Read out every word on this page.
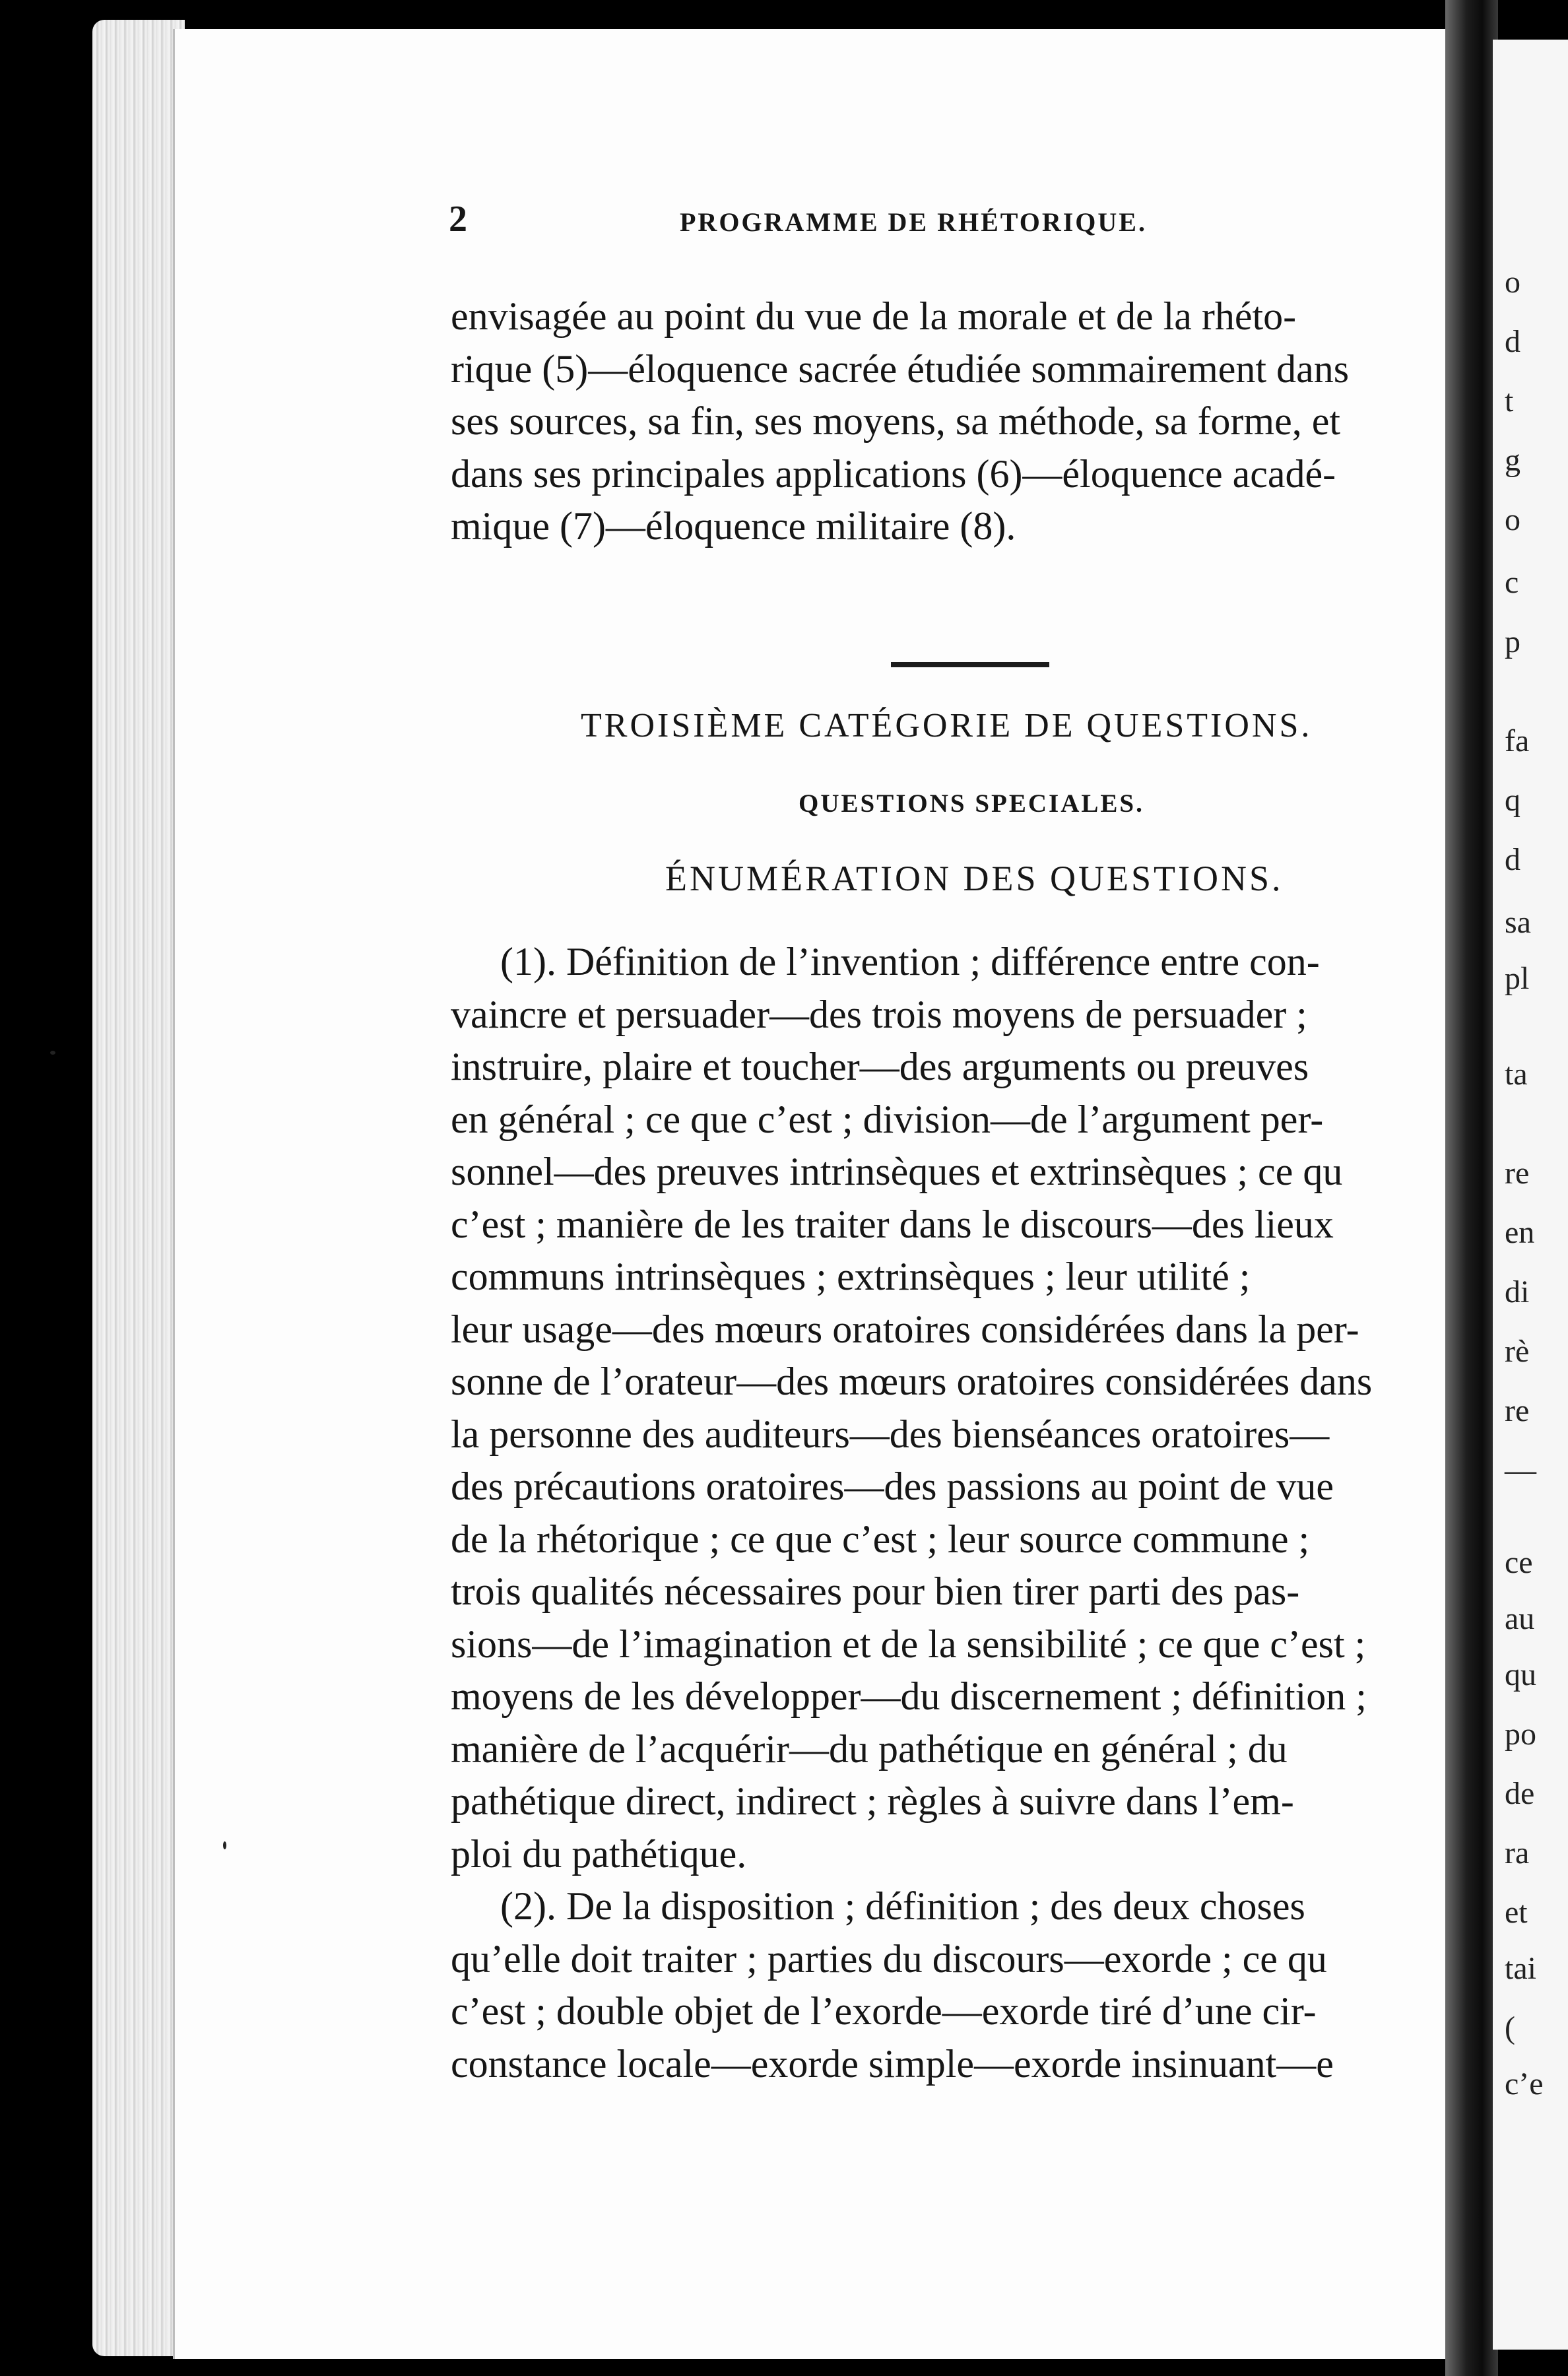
o
d
t
g
o
c
p
fa
q
d
sa
pl
ta
re
en
di
rè
re
—
ce
au
qu
po
de
ra
et
tai
(
c’e
2	PROGRAMME DE RHÉTORIQUE.
envisagée au point du vue de la morale et de la rhéto-
rique (5)—éloquence sacrée étudiée sommairement dans
ses sources, sa fin, ses moyens, sa méthode, sa forme, et
dans ses principales applications (6)—éloquence acadé-
mique (7)—éloquence militaire (8).
TROISIÈME CATÉGORIE DE QUESTIONS.
QUESTIONS SPECIALES.
ÉNUMÉRATION DES QUESTIONS.
(1). Définition de l’invention ; différence entre con-
vaincre et persuader—des trois moyens de persuader ;
instruire, plaire et toucher—des arguments ou preuves
en général ; ce que c’est ; division—de l’argument per-
sonnel—des preuves intrinsèques et extrinsèques ; ce qu
c’est ; manière de les traiter dans le discours—des lieux
communs intrinsèques ; extrinsèques ; leur utilité ;
leur usage—des mœurs oratoires considérées dans la per-
sonne de l’orateur—des mœurs oratoires considérées dans
la personne des auditeurs—des bienséances oratoires—
des précautions oratoires—des passions au point de vue
de la rhétorique ; ce que c’est ; leur source commune ;
trois qualités nécessaires pour bien tirer parti des pas-
sions—de l’imagination et de la sensibilité ; ce que c’est ;
moyens de les développer—du discernement ; définition ;
manière de l’acquérir—du pathétique en général ; du
pathétique direct, indirect ; règles à suivre dans l’em-
ploi du pathétique.
(2). De la disposition ; définition ; des deux choses
qu’elle doit traiter ; parties du discours—exorde ; ce qu
c’est ; double objet de l’exorde—exorde tiré d’une cir-
constance locale—exorde simple—exorde insinuant—e
